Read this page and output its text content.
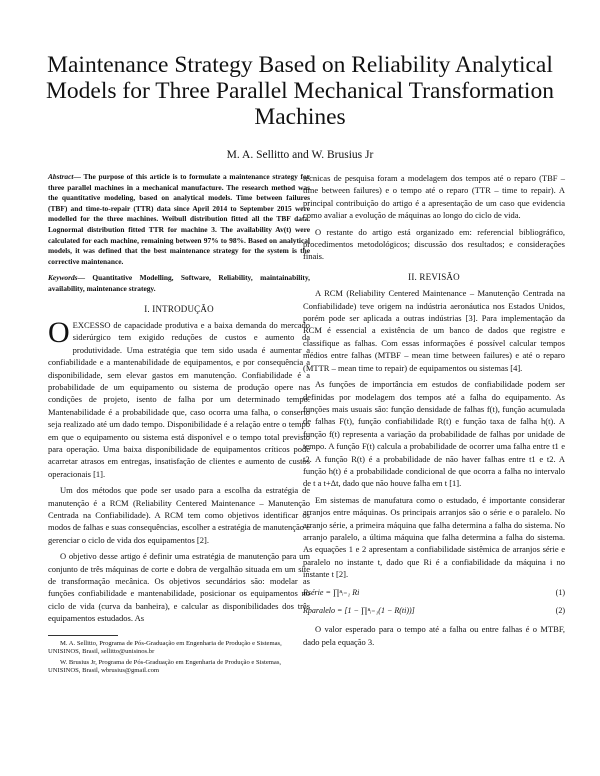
Maintenance Strategy Based on Reliability Analytical Models for Three Parallel Mechanical Transformation Machines
M. A. Sellitto and W. Brusius Jr

Abstract— The purpose of this article is to formulate a maintenance strategy for three parallel machines in a mechanical manufacture. The research method was the quantitative modeling, based on analytical models. Time between failures (TBF) and time-to-repair (TTR) data since April 2014 to September 2015 were modelled for the three machines. Weibull distribution fitted all the TBF data. Lognormal distribution fitted TTR for machine 3. The availability Av(t) were calculated for each machine, remaining between 97% to 98%. Based on analytical models, it was defined that the best maintenance strategy for the system is the corrective maintenance.

Keywords— Quantitative Modelling, Software, Reliability, maintainability, availability, maintenance strategy.

I. INTRODUÇÃO

OEXCESSO de capacidade produtiva e a baixa demanda do mercado siderúrgico tem exigido reduções de custos e aumento da produtividade. Uma estratégia que tem sido usada é aumentar a confiabilidade e a mantenabilidade de equipamentos, e por consequência a disponibilidade, sem elevar gastos em manutenção. Confiabilidade é a probabilidade de um equipamento ou sistema de produção opere nas condições de projeto, isento de falha por um determinado tempo. Mantenabilidade é a probabilidade que, caso ocorra uma falha, o conserto seja realizado até um dado tempo. Disponibilidade é a relação entre o tempo em que o equipamento ou sistema está disponível e o tempo total previsto para operação. Uma baixa disponibilidade de equipamentos críticos pode acarretar atrasos em entregas, insatisfação de clientes e aumento de custos operacionais [1].

Um dos métodos que pode ser usado para a escolha da estratégia de manutenção é a RCM (Reliability Centered Maintenance – Manutenção Centrada na Confiabilidade). A RCM tem como objetivos identificar os modos de falhas e suas consequências, escolher a estratégia de manutenção e gerenciar o ciclo de vida dos equipamentos [2].

O objetivo desse artigo é definir uma estratégia de manutenção para um conjunto de três máquinas de corte e dobra de vergalhão situada em um site de transformação mecânica. Os objetivos secundários são: modelar as funções confiabilidade e mantenabilidade, posicionar os equipamentos no ciclo de vida (curva da banheira), e calcular as disponibilidades dos três equipamentos estudados. As

M. A. Sellitto, Programa de Pós-Graduação em Engenharia de Produção e Sistemas, UNISINOS, Brasil, sellitto@unisinos.br

W. Brusius Jr, Programa de Pós-Graduação em Engenharia de Produção e Sistemas, UNISINOS, Brasil, wbrusius@gmail.com

técnicas de pesquisa foram a modelagem dos tempos até o reparo (TBF – time between failures) e o tempo até o reparo (TTR – time to repair). A principal contribuição do artigo é a apresentação de um caso que evidencia como avaliar a evolução de máquinas ao longo do ciclo de vida.

O restante do artigo está organizado em: referencial bibliográfico, procedimentos metodológicos; discussão dos resultados; e considerações finais.

II. REVISÃO

A RCM (Reliability Centered Maintenance – Manutenção Centrada na Confiabilidade) teve origem na indústria aeronáutica nos Estados Unidos, porém pode ser aplicada a outras indústrias [3]. Para implementação da RCM é essencial a existência de um banco de dados que registre e classifique as falhas. Com essas informações é possível calcular tempos médios entre falhas (MTBF – mean time between failures) e até o reparo (MTTR – mean time to repair) de equipamentos ou sistemas [4].

As funções de importância em estudos de confiabilidade podem ser definidas por modelagem dos tempos até a falha do equipamento. As funções mais usuais são: função densidade de falhas f(t), função acumulada de falhas F(t), função confiabilidade R(t) e função taxa de falha h(t). A função f(t) representa a variação da probabilidade de falhas por unidade de tempo. A função F(t) calcula a probabilidade de ocorrer uma falha entre t1 e t2. A função R(t) é a probabilidade de não haver falhas entre t1 e t2. A função h(t) é a probabilidade condicional de que ocorra a falha no intervalo de t a t+Δt, dado que não houve falha em t [1].

Em sistemas de manufatura como o estudado, é importante considerar arranjos entre máquinas. Os principais arranjos são o série e o paralelo. No arranjo série, a primeira máquina que falha determina a falha do sistema. No arranjo paralelo, a última máquina que falha determina a falha do sistema. As equações 1 e 2 apresentam a confiabilidade sistêmica de arranjos série e paralelo no instante t, dado que Ri é a confiabilidade da máquina i no instante t [2].

Rsérie = ∏ⁿᵢ₌₁ Ri	(1)
Rparalelo = [1 − ∏ⁿᵢ₌₁(1 − R(ti))]	(2)

O valor esperado para o tempo até a falha ou entre falhas é o MTBF, dado pela equação 3.
